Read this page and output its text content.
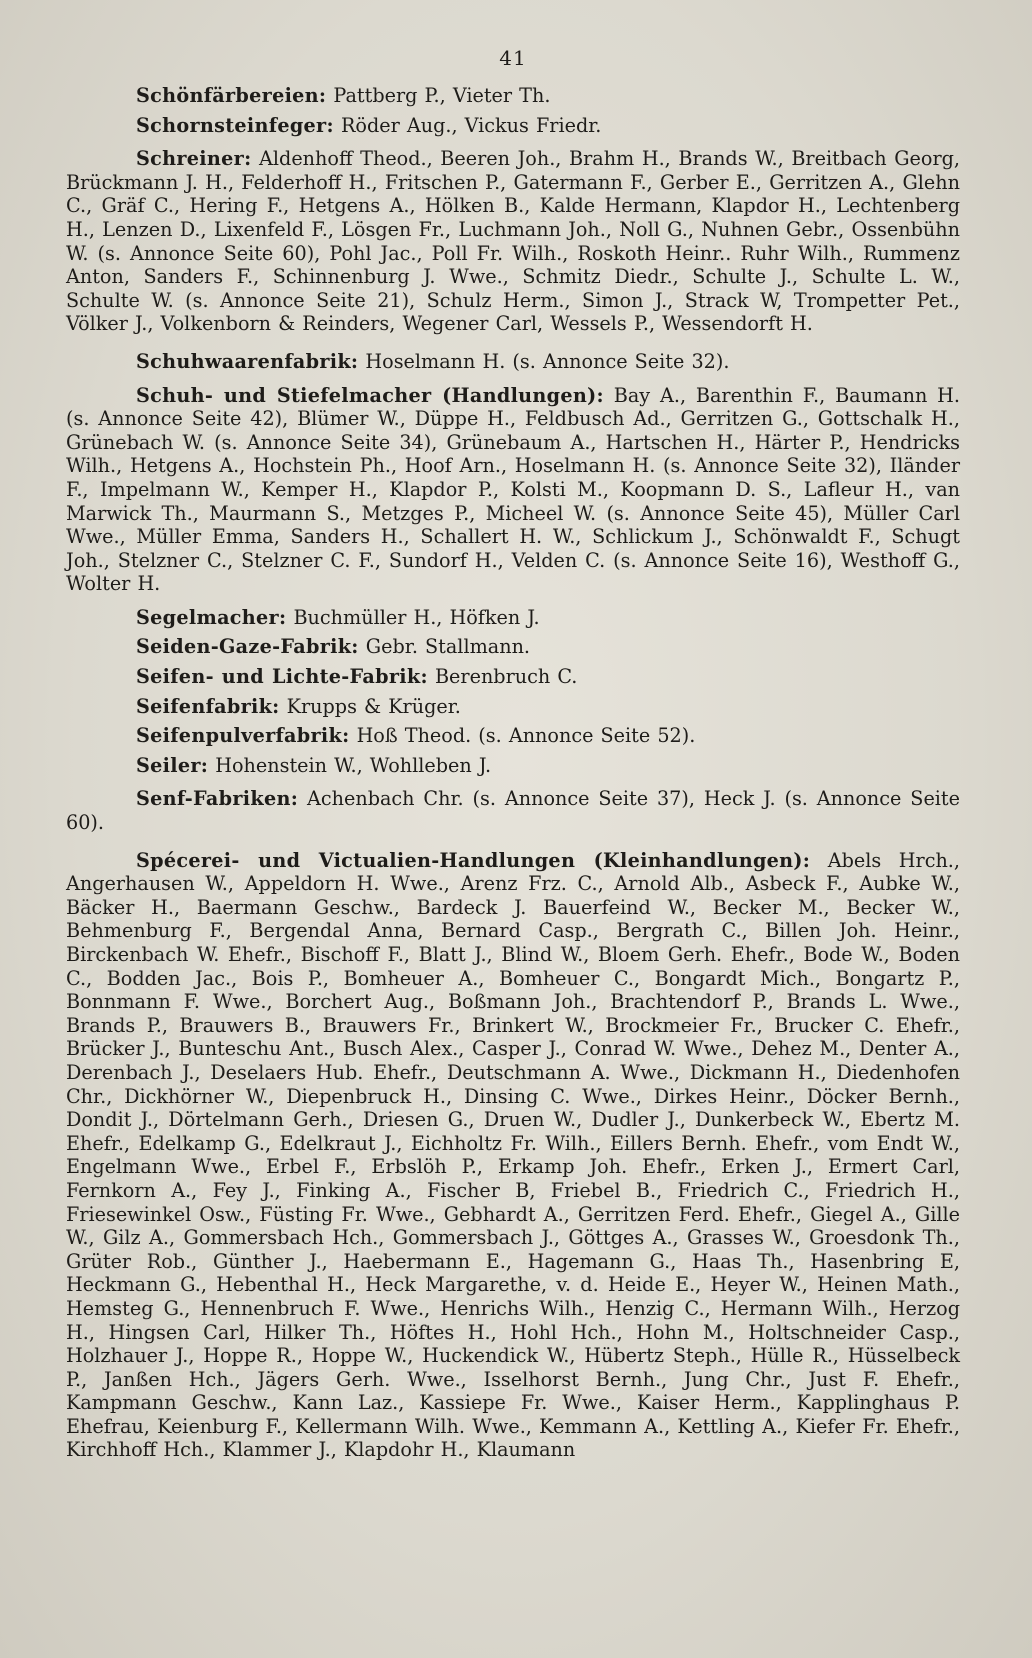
41

Schönfärbereien: Pattberg P., Vieter Th.

Schornsteinfeger: Röder Aug., Vickus Friedr.

Schreiner: Aldenhoff Theod., Beeren Joh., Brahm H., Brands W., Breitbach Georg, Brückmann J. H., Felderhoff H., Fritschen P., Gatermann F., Gerber E., Gerritzen A., Glehn C., Gräf C., Hering F., Hetgens A., Hölken B., Kalde Hermann, Klapdor H., Lechtenberg H., Lenzen D., Lixenfeld F., Lösgen Fr., Luchmann Joh., Noll G., Nuhnen Gebr., Ossenbühn W. (s. Annonce Seite 60), Pohl Jac., Poll Fr. Wilh., Roskoth Heinr.. Ruhr Wilh., Rummenz Anton, Sanders F., Schinnenburg J. Wwe., Schmitz Diedr., Schulte J., Schulte L. W., Schulte W. (s. Annonce Seite 21), Schulz Herm., Simon J., Strack W, Trompetter Pet., Völker J., Volkenborn & Reinders, Wegener Carl, Wessels P., Wessendorft H.

Schuhwaarenfabrik: Hoselmann H. (s. Annonce Seite 32).

Schuh- und Stiefelmacher (Handlungen): Bay A., Barenthin F., Baumann H. (s. Annonce Seite 42), Blümer W., Düppe H., Feldbusch Ad., Gerritzen G., Gottschalk H., Grünebach W. (s. Annonce Seite 34), Grünebaum A., Hartschen H., Härter P., Hendricks Wilh., Hetgens A., Hochstein Ph., Hoof Arn., Hoselmann H. (s. Annonce Seite 32), Iländer F., Impelmann W., Kemper H., Klapdor P., Kolsti M., Koopmann D. S., Lafleur H., van Marwick Th., Maurmann S., Metzges P., Micheel W. (s. Annonce Seite 45), Müller Carl Wwe., Müller Emma, Sanders H., Schallert H. W., Schlickum J., Schönwaldt F., Schugt Joh., Stelzner C., Stelzner C. F., Sundorf H., Velden C. (s. Annonce Seite 16), Westhoff G., Wolter H.

Segelmacher: Buchmüller H., Höfken J.

Seiden-Gaze-Fabrik: Gebr. Stallmann.

Seifen- und Lichte-Fabrik: Berenbruch C.

Seifenfabrik: Krupps & Krüger.

Seifenpulverfabrik: Hoß Theod. (s. Annonce Seite 52).

Seiler: Hohenstein W., Wohlleben J.

Senf-Fabriken: Achenbach Chr. (s. Annonce Seite 37), Heck J. (s. Annonce Seite 60).

Spécerei- und Victualien-Handlungen (Kleinhandlungen): Abels Hrch., Angerhausen W., Appeldorn H. Wwe., Arenz Frz. C., Arnold Alb., Asbeck F., Aubke W., Bäcker H., Baermann Geschw., Bardeck J. Bauerfeind W., Becker M., Becker W., Behmenburg F., Bergendal Anna, Bernard Casp., Bergrath C., Billen Joh. Heinr., Birckenbach W. Ehefr., Bischoff F., Blatt J., Blind W., Bloem Gerh. Ehefr., Bode W., Boden C., Bodden Jac., Bois P., Bomheuer A., Bomheuer C., Bongardt Mich., Bongartz P., Bonnmann F. Wwe., Borchert Aug., Boßmann Joh., Brachtendorf P., Brands L. Wwe., Brands P., Brauwers B., Brauwers Fr., Brinkert W., Brockmeier Fr., Brucker C. Ehefr., Brücker J., Bunteschu Ant., Busch Alex., Casper J., Conrad W. Wwe., Dehez M., Denter A., Derenbach J., Deselaers Hub. Ehefr., Deutschmann A. Wwe., Dickmann H., Diedenhofen Chr., Dickhörner W., Diepenbruck H., Dinsing C. Wwe., Dirkes Heinr., Döcker Bernh., Dondit J., Dörtelmann Gerh., Driesen G., Druen W., Dudler J., Dunkerbeck W., Ebertz M. Ehefr., Edelkamp G., Edelkraut J., Eichholtz Fr. Wilh., Eillers Bernh. Ehefr., vom Endt W., Engelmann Wwe., Erbel F., Erbslöh P., Erkamp Joh. Ehefr., Erken J., Ermert Carl, Fernkorn A., Fey J., Finking A., Fischer B, Friebel B., Friedrich C., Friedrich H., Friesewinkel Osw., Füsting Fr. Wwe., Gebhardt A., Gerritzen Ferd. Ehefr., Giegel A., Gille W., Gilz A., Gommersbach Hch., Gommersbach J., Göttges A., Grasses W., Groesdonk Th., Grüter Rob., Günther J., Haebermann E., Hagemann G., Haas Th., Hasenbring E, Heckmann G., Hebenthal H., Heck Margarethe, v. d. Heide E., Heyer W., Heinen Math., Hemsteg G., Hennenbruch F. Wwe., Henrichs Wilh., Henzig C., Hermann Wilh., Herzog H., Hingsen Carl, Hilker Th., Höftes H., Hohl Hch., Hohn M., Holtschneider Casp., Holzhauer J., Hoppe R., Hoppe W., Huckendick W., Hübertz Steph., Hülle R., Hüsselbeck P., Janßen Hch., Jägers Gerh. Wwe., Isselhorst Bernh., Jung Chr., Just F. Ehefr., Kampmann Geschw., Kann Laz., Kassiepe Fr. Wwe., Kaiser Herm., Kapplinghaus P. Ehefrau, Keienburg F., Kellermann Wilh. Wwe., Kemmann A., Kettling A., Kiefer Fr. Ehefr., Kirchhoff Hch., Klammer J., Klapdohr H., Klaumann
